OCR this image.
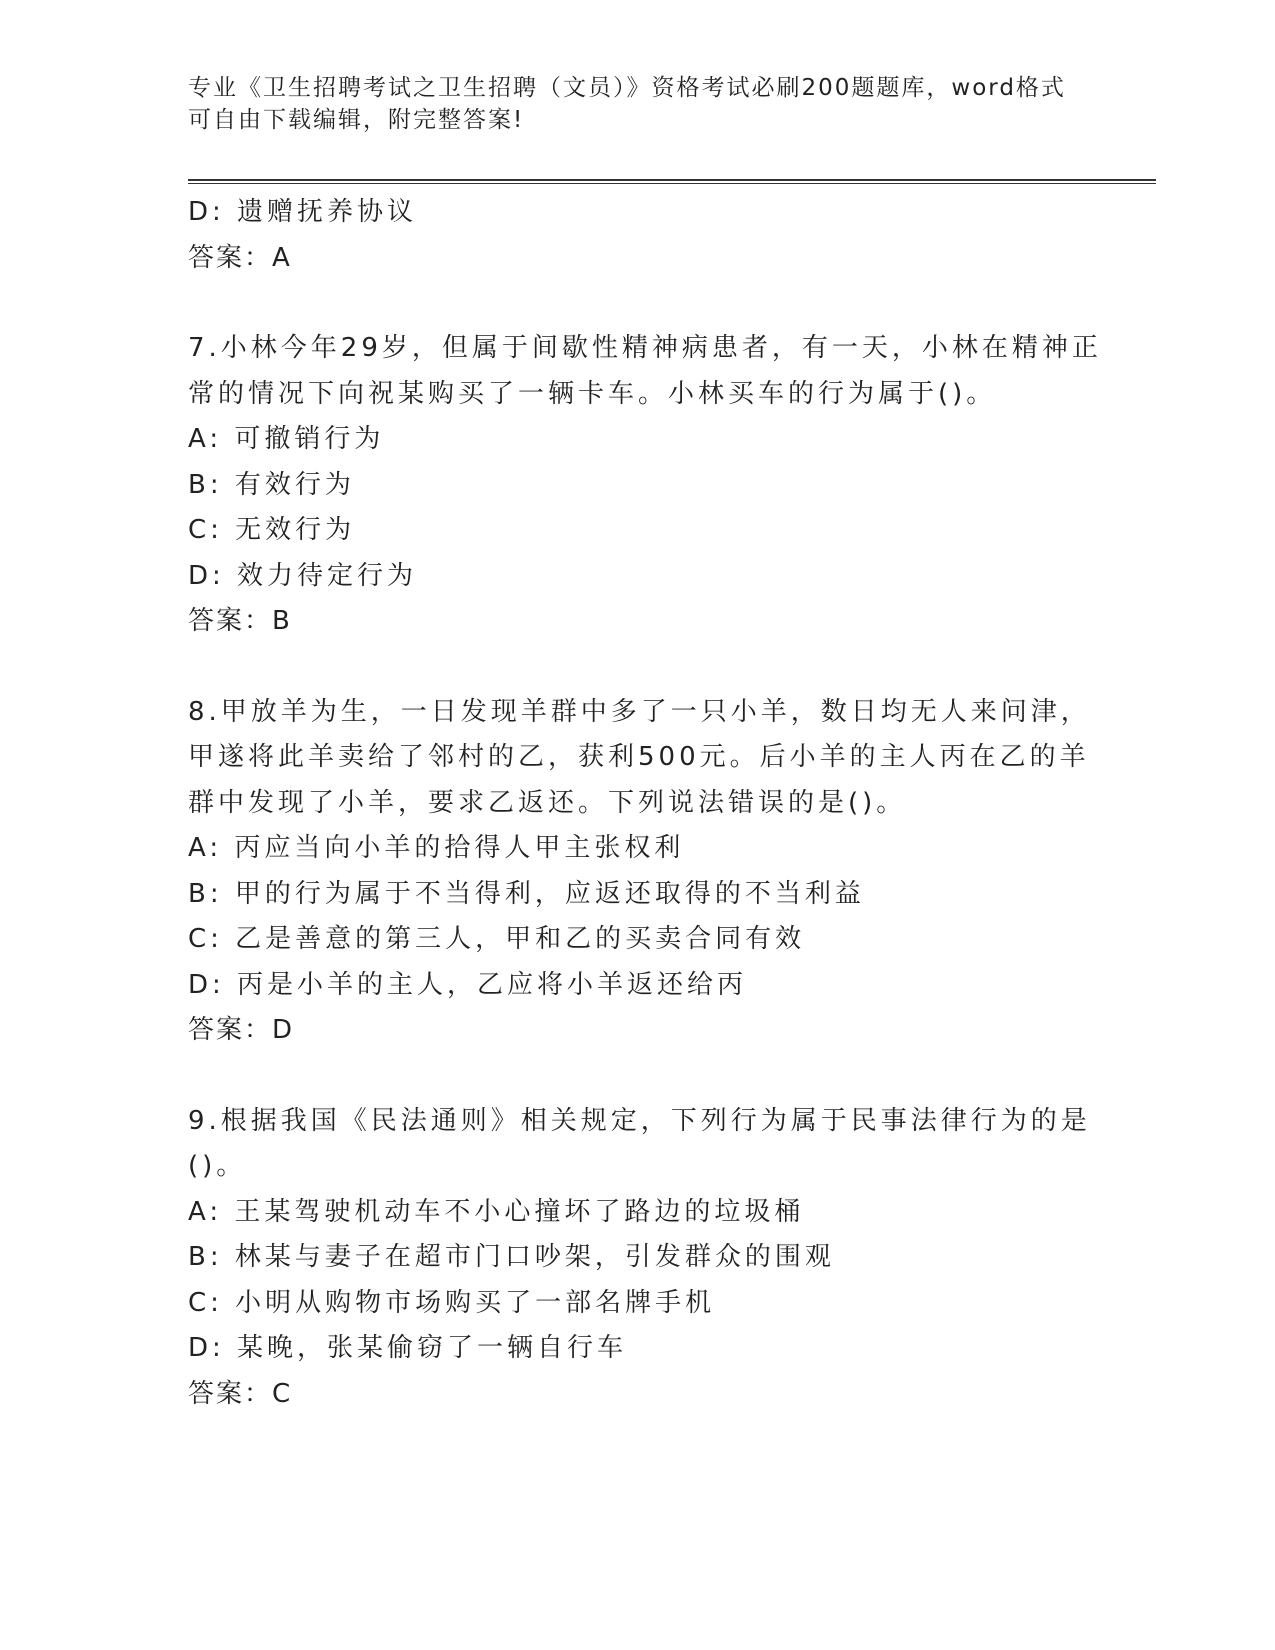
专业《卫生招聘考试之卫生招聘（文员）》资格考试必刷200题题库，word格式
可自由下载编辑，附完整答案!
D: 遗赠抚养协议
答案：A
7.小林今年29岁，但属于间歇性精神病患者，有一天，小林在精神正
常的情况下向祝某购买了一辆卡车。小林买车的行为属于()。
A: 可撤销行为
B: 有效行为
C: 无效行为
D: 效力待定行为
答案：B
8.甲放羊为生，一日发现羊群中多了一只小羊，数日均无人来问津，
甲遂将此羊卖给了邻村的乙，获利500元。后小羊的主人丙在乙的羊
群中发现了小羊，要求乙返还。下列说法错误的是()。
A: 丙应当向小羊的拾得人甲主张权利
B: 甲的行为属于不当得利，应返还取得的不当利益
C: 乙是善意的第三人，甲和乙的买卖合同有效
D: 丙是小羊的主人，乙应将小羊返还给丙
答案：D
9.根据我国《民法通则》相关规定，下列行为属于民事法律行为的是
()。
A: 王某驾驶机动车不小心撞坏了路边的垃圾桶
B: 林某与妻子在超市门口吵架，引发群众的围观
C: 小明从购物市场购买了一部名牌手机
D: 某晚，张某偷窃了一辆自行车
答案：C
